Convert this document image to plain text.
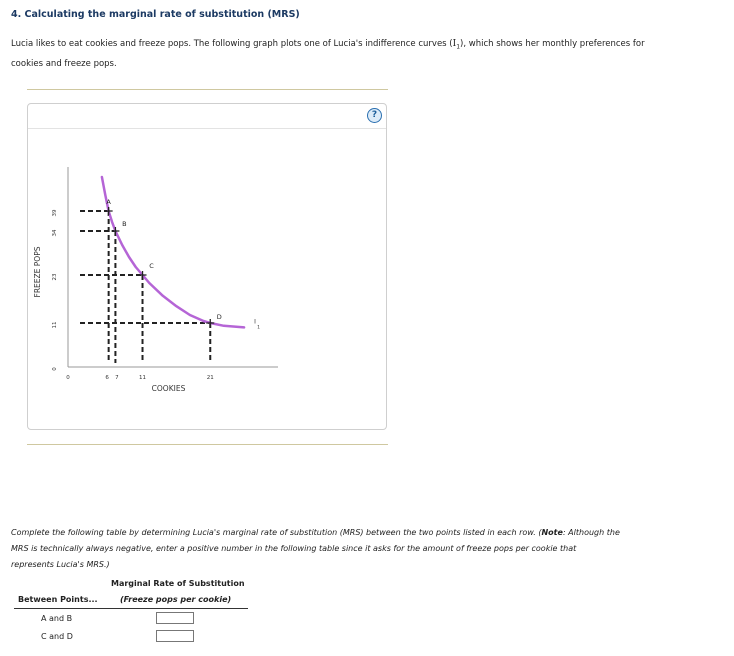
4. Calculating the marginal rate of substitution (MRS)
Lucia likes to eat cookies and freeze pops. The following graph plots one of Lucia's indifference curves $(I_1)$, which shows her monthly preferences for cookies and freeze pops.
?
FREEZE POPS
COOKIES
0
11
23
34
39
0	6 7	11	21
I
1
A
B
C
D
Complete the following table by determining Lucia's marginal rate of substitution (MRS) between the two points listed in each row. (Note: Although the MRS is technically always negative, enter a positive number in the following table since it asks for the amount of freeze pops per cookie that represents Lucia's MRS.)
Marginal Rate of Substitution
Between Points...	(Freeze pops per cookie)
A and B
C and D
